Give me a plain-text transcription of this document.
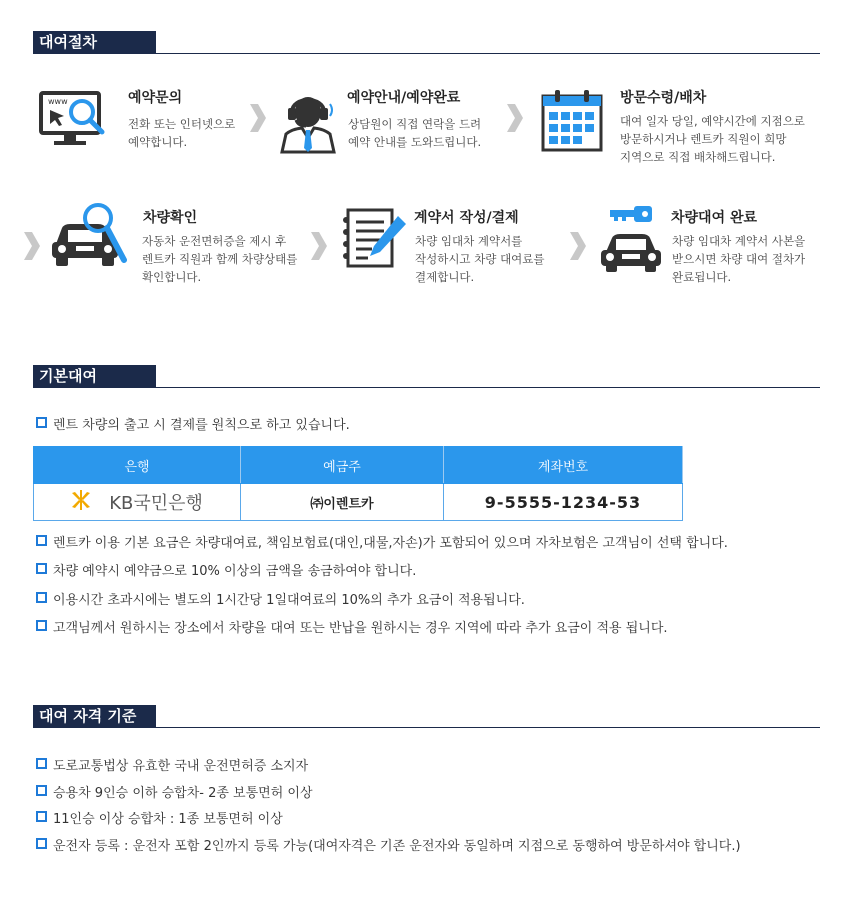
대여절차
www	예약문의
전화 또는 인터넷으로
예약합니다.
예약안내/예약완료
상담원이 직접 연락을 드려
예약 안내를 도와드립니다.
방문수령/배차
대여 일자 당일, 예약시간에 지점으로
방문하시거나 렌트카 직원이 희망
지역으로 직접 배차해드립니다.
차량확인
자동차 운전면허증을 제시 후
렌트카 직원과 함께 차량상태를
확인합니다.
계약서 작성/결제
차량 임대차 계약서를
작성하시고 차량 대여료를
결제합니다.
차량대여 완료
차량 임대차 계약서 사본을
받으시면 차량 대여 절차가
완료됩니다.
기본대여
렌트 차량의 출고 시 결제를 원칙으로 하고 있습니다.
은행	예금주	계좌번호
KB국민은행	㈜이렌트카	9-5555-1234-53
렌트카 이용 기본 요금은 차량대여료, 책임보험료(대인,대물,자손)가 포함되어 있으며 자차보험은 고객님이 선택 합니다.
차량 예약시 예약금으로 10% 이상의 금액을 송금하여야 합니다.
이용시간 초과시에는 별도의 1시간당 1일대여료의 10%의 추가 요금이 적용됩니다.
고객님께서 원하시는 장소에서 차량을 대여 또는 반납을 원하시는 경우 지역에 따라 추가 요금이 적용 됩니다.
대여 자격 기준
도로교통법상 유효한 국내 운전면허증 소지자
승용차 9인승 이하 승합차- 2종 보통면허 이상
11인승 이상 승합차 : 1종 보통면허 이상
운전자 등록 : 운전자 포함 2인까지 등록 가능(대여자격은 기존 운전자와 동일하며 지점으로 동행하여 방문하셔야 합니다.)
